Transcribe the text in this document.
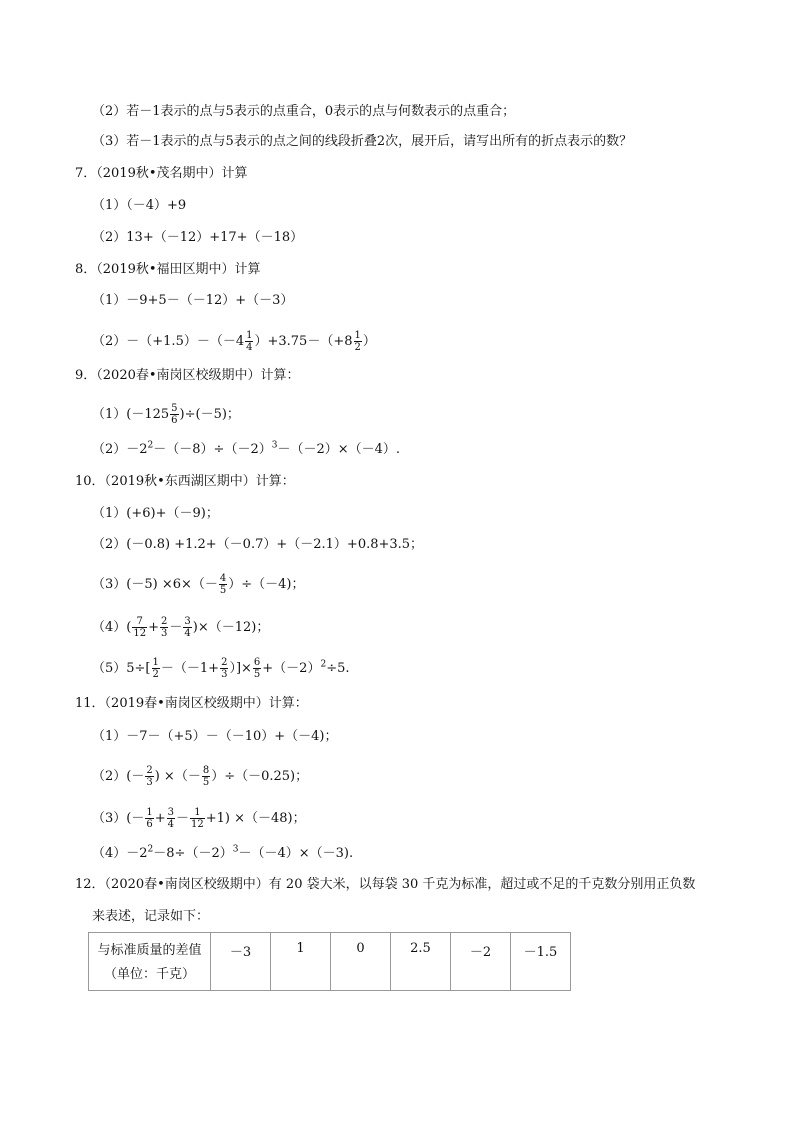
（2）若－1表示的点与5表示的点重合，0表示的点与何数表示的点重合；
（3）若－1表示的点与5表示的点之间的线段折叠2次，展开后，请写出所有的折点表示的数？
7．（2019秋•茂名期中）计算
（1）（－4）+9
（2）13+（－12）+17+（－18）
8．（2019秋•福田区期中）计算
（1）－9+5－（－12）+（－3）
$(2)-(+1.5)-(-4 \frac{1}{4} )+3.75-(+8 \frac{1}{2}$ ）
9．（2020春•南岗区校级期中）计算：
$(1)(-125 \frac{5}{6} )\div(-5)$；
$(2)-2^2-(-8)\div(-2)^3-(-2)\times(-4)$.
10．（2019秋•东西湖区期中）计算：
（1）(+6)+（－9)；
（2）(－0.8) +1.2+（－0.7）+（－2.1）+0.8+3.5；
$(3)(-5) \times 6\times(- \frac{4}{5} )\div(-4)$；
$(4)( \frac{7}{12} + \frac{2}{3} - \frac{3}{4} )\times(-12)$；
$(5)5\div[ \frac{1}{2} -(-1+ \frac{2}{3}$ ）]× $\frac{6}{5} +(-2)^2\div 5$.
11．（2019春•南岗区校级期中）计算：
（1）－7－（+5）－（－10）+（－4)；
$(2)(- \frac{2}{3}$ ) ×（－ $\frac{8}{5} )\div(-0.25)$；
$(3)(- \frac{1}{6} + \frac{3}{4} - \frac{1}{12} +1) \times(-48)$；
$(4)-2^2-8\div(-2)^3-(-4)\times(-3)$.
12．（2020春•南岗区校级期中）有 20 袋大米，以每袋 30 千克为标准，超过或不足的千克数分别用正负数
来表述，记录如下：
与标准质量的差值
（单位：千克）
	－3	1	0	2.5	－2	－1.5
